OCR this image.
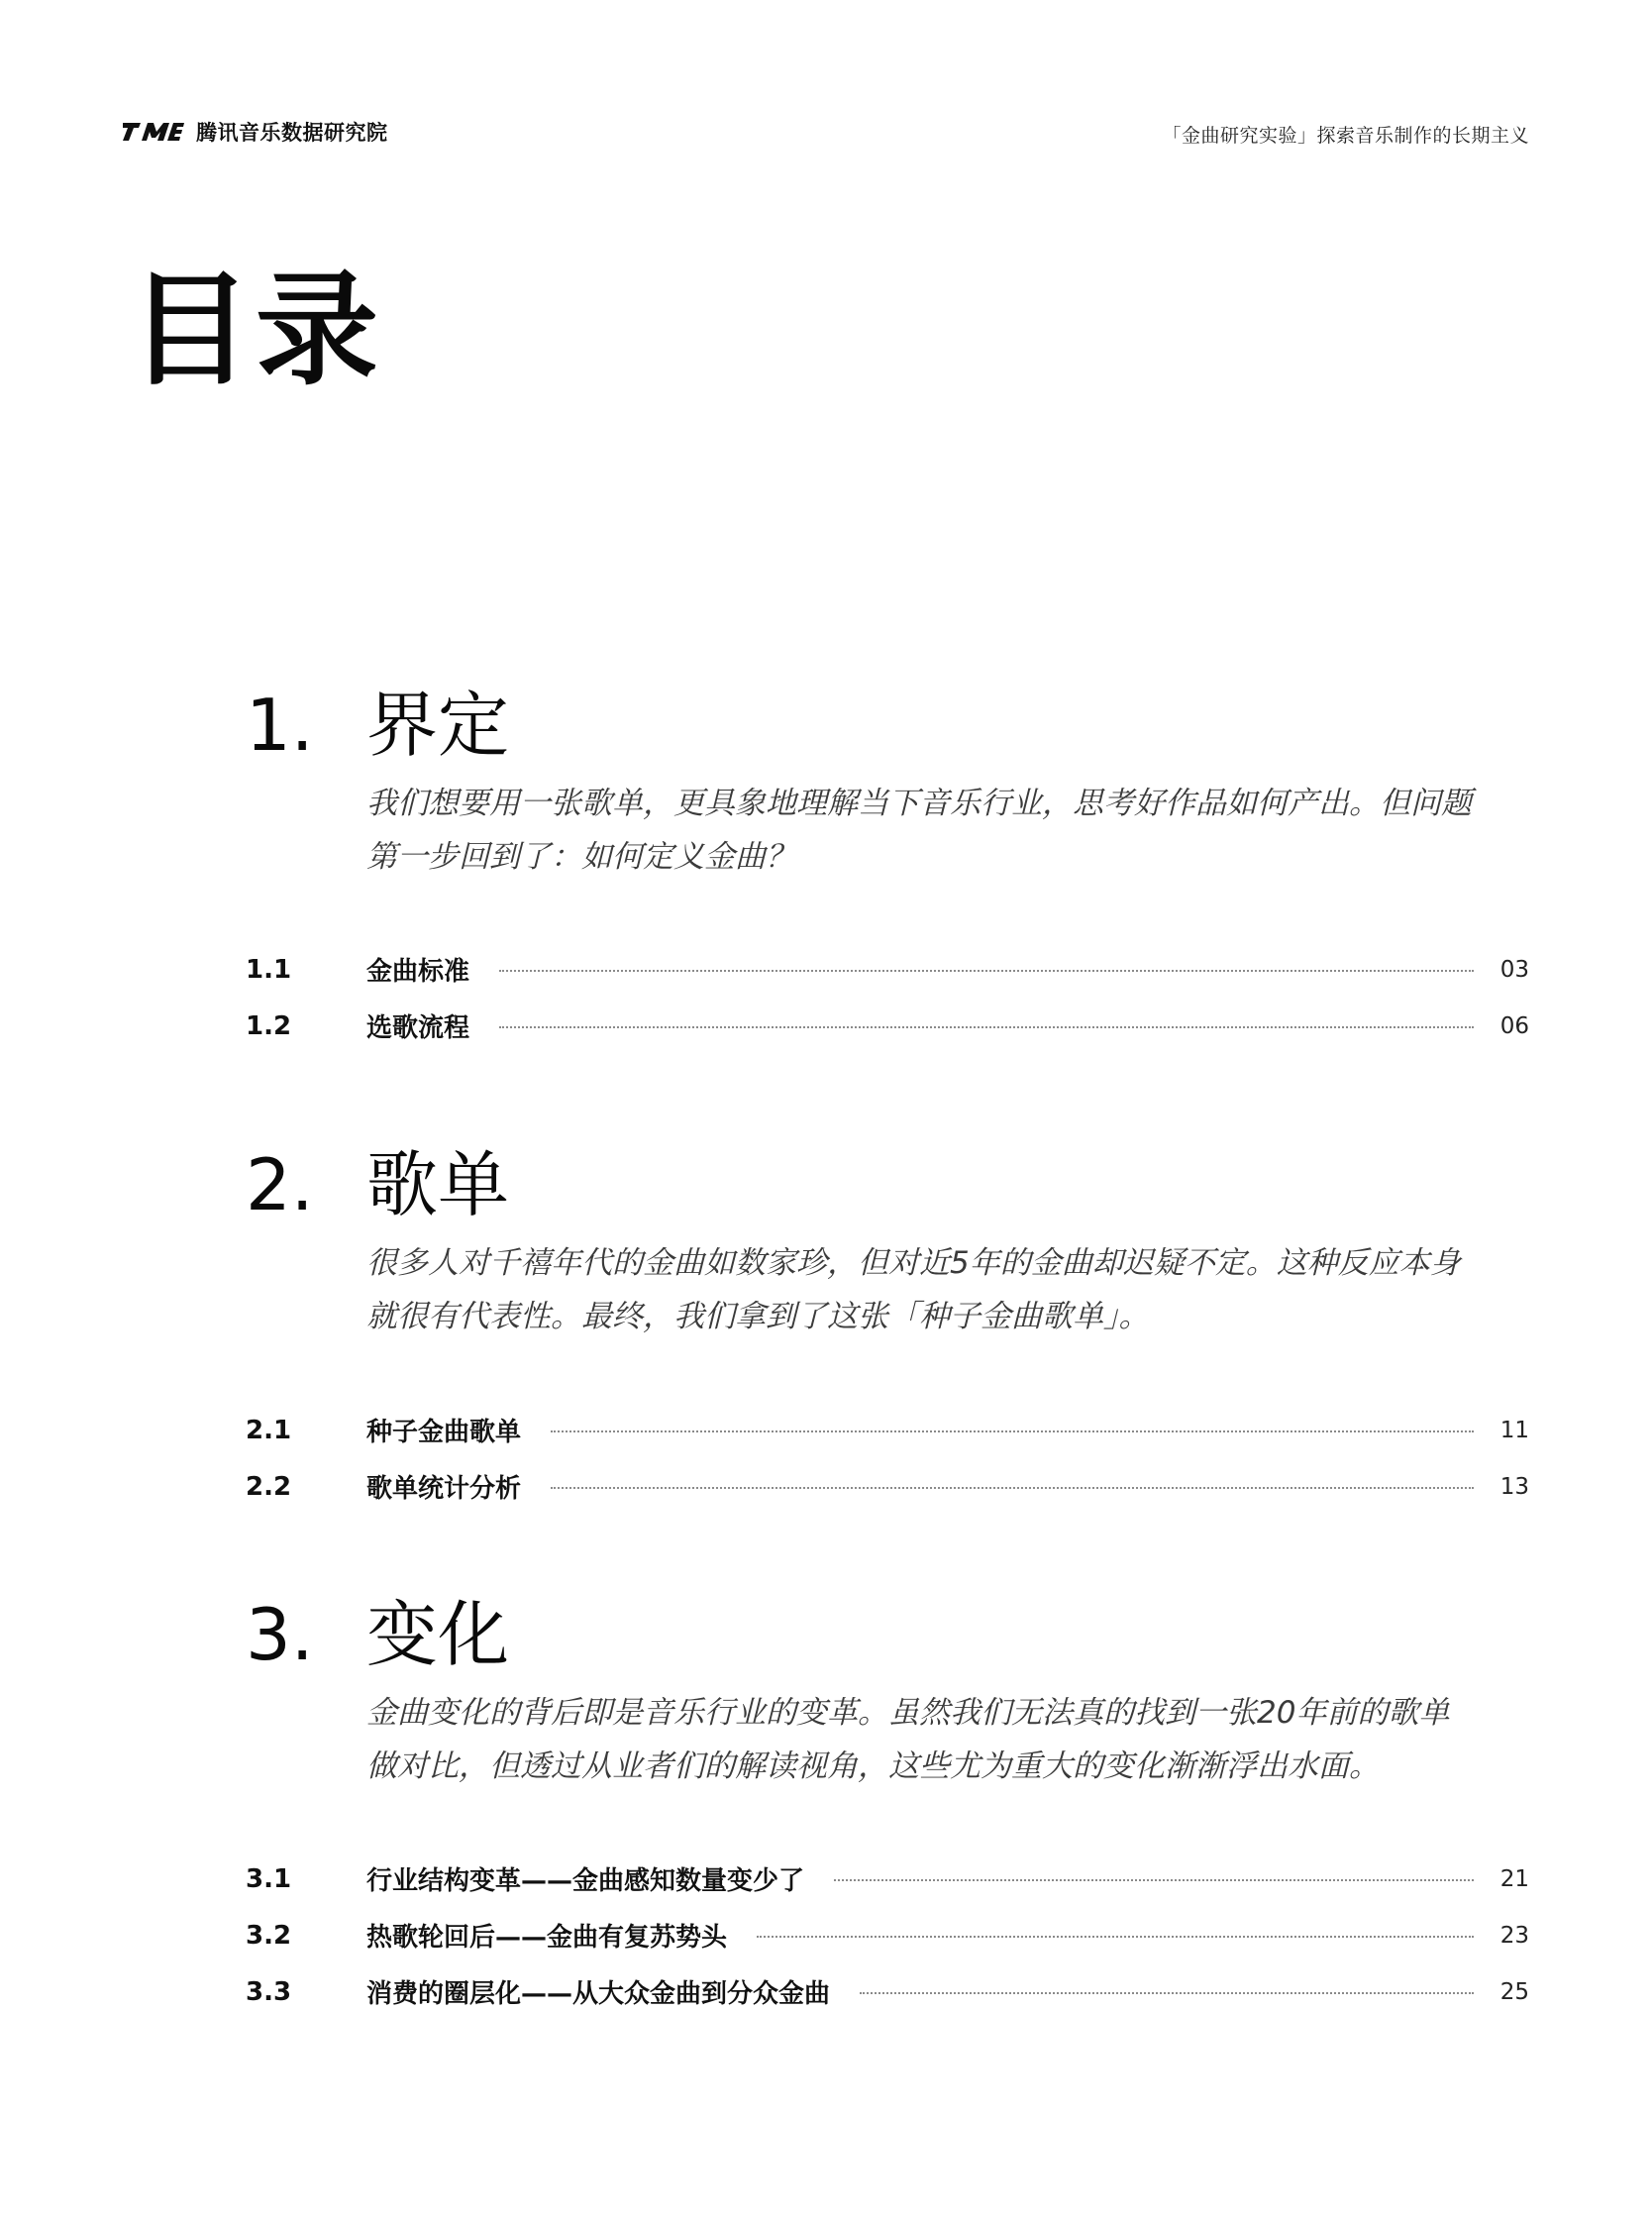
腾讯音乐数据研究院	「金曲研究实验」探索音乐制作的长期主义
目录
1. 界定

我们想要用一张歌单，更具象地理解当下音乐行业，思考好作品如何产出。但问题
第一步回到了：如何定义金曲？

1.1	金曲标准	03
1.2	选歌流程	06
2. 歌单

很多人对千禧年代的金曲如数家珍，但对近5年的金曲却迟疑不定。这种反应本身
就很有代表性。最终，我们拿到了这张「种子金曲歌单」。

2.1	种子金曲歌单	11
2.2	歌单统计分析	13
3. 变化

金曲变化的背后即是音乐行业的变革。虽然我们无法真的找到一张20年前的歌单
做对比，但透过从业者们的解读视角，这些尤为重大的变化渐渐浮出水面。

3.1	行业结构变革——金曲感知数量变少了	21
3.2	热歌轮回后——金曲有复苏势头	23
3.3	消费的圈层化——从大众金曲到分众金曲	25
